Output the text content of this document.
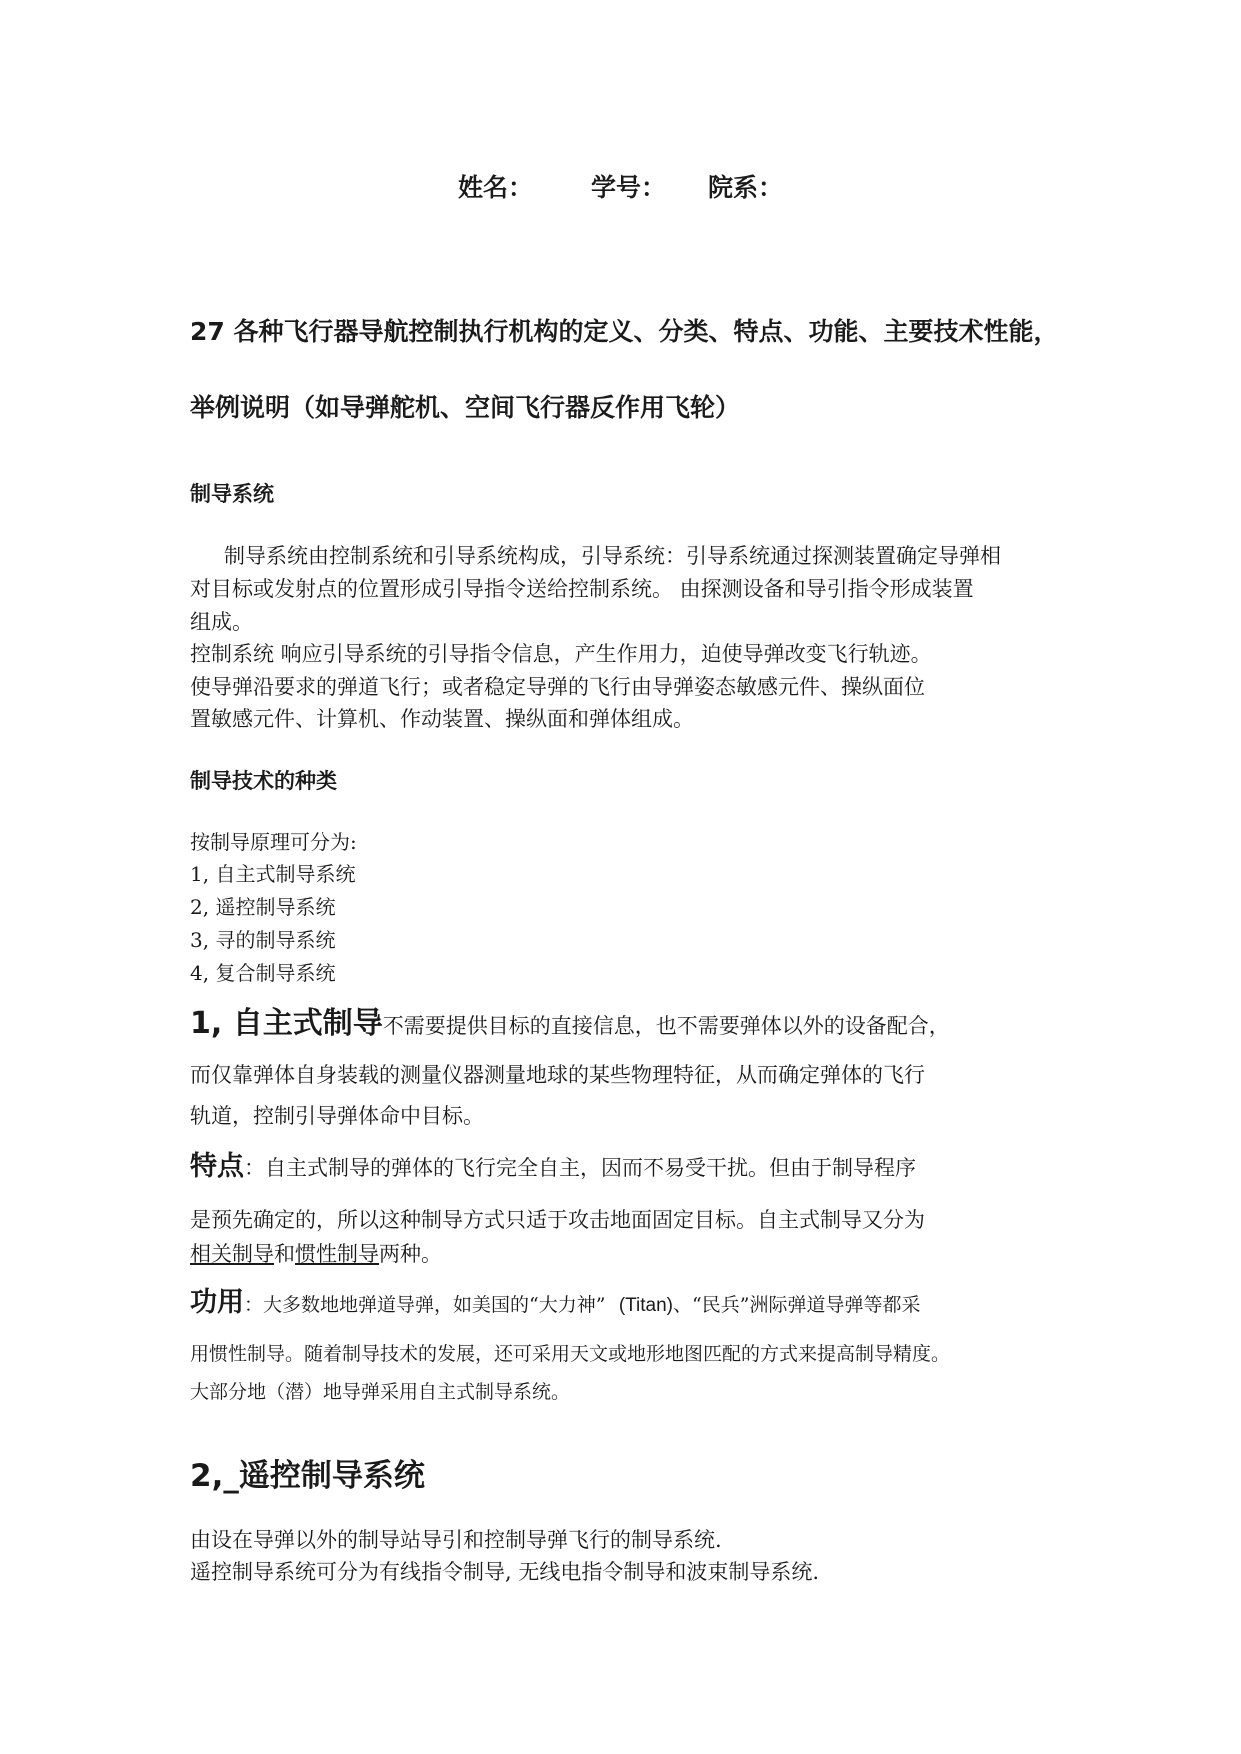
姓名： 学号： 院系：
27 各种飞行器导航控制执行机构的定义、分类、特点、功能、主要技术性能，
举例说明（如导弹舵机、空间飞行器反作用飞轮）
制导系统
制导系统由控制系统和引导系统构成，引导系统：引导系统通过探测装置确定导弹相
对目标或发射点的位置形成引导指令送给控制系统。 由探测设备和导引指令形成装置
组成。
控制系统 响应引导系统的引导指令信息，产生作用力，迫使导弹改变飞行轨迹。
使导弹沿要求的弹道飞行；或者稳定导弹的飞行由导弹姿态敏感元件、操纵面位
置敏感元件、计算机、作动装置、操纵面和弹体组成。
制导技术的种类
按制导原理可分为:
1, 自主式制导系统
2, 遥控制导系统
3, 寻的制导系统
4, 复合制导系统
1, 自主式制导不需要提供目标的直接信息，也不需要弹体以外的设备配合，
而仅靠弹体自身装载的测量仪器测量地球的某些物理特征，从而确定弹体的飞行
轨道，控制引导弹体命中目标。
特点：自主式制导的弹体的飞行完全自主，因而不易受干扰。但由于制导程序
是预先确定的，所以这种制导方式只适于攻击地面固定目标。自主式制导又分为
相关制导和惯性制导两种。
功用：大多数地地弹道导弹，如美国的“大力神” (Titan)、“民兵”洲际弹道导弹等都采
用惯性制导。随着制导技术的发展，还可采用天文或地形地图匹配的方式来提高制导精度。
大部分地（潜）地导弹采用自主式制导系统。
2,_遥控制导系统
由设在导弹以外的制导站导引和控制导弹飞行的制导系统.
遥控制导系统可分为有线指令制导, 无线电指令制导和波束制导系统.
